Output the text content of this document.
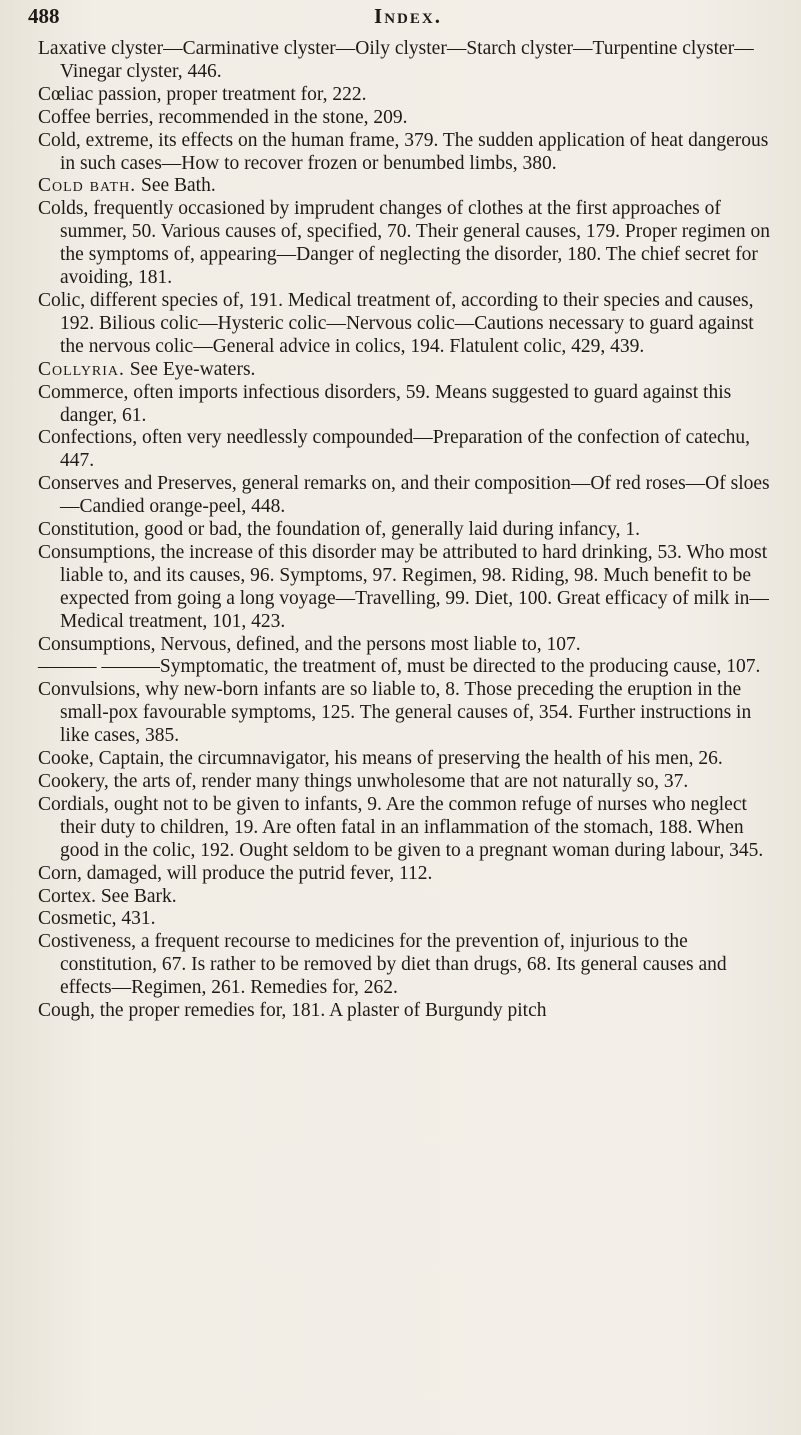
488	Index.

Laxative clyster—Carminative clyster—Oily clyster—Starch clyster—Turpentine clyster—Vinegar clyster, 446.

Cœliac passion, proper treatment for, 222.

Coffee berries, recommended in the stone, 209.

Cold, extreme, its effects on the human frame, 379. The sudden application of heat dangerous in such cases—How to recover frozen or benumbed limbs, 380.

Cold bath. See Bath.

Colds, frequently occasioned by imprudent changes of clothes at the first approaches of summer, 50. Various causes of, specified, 70. Their general causes, 179. Proper regimen on the symptoms of, appearing—Danger of neglecting the disorder, 180. The chief secret for avoiding, 181.

Colic, different species of, 191. Medical treatment of, according to their species and causes, 192. Bilious colic—Hysteric colic—Nervous colic—Cautions necessary to guard against the nervous colic—General advice in colics, 194. Flatulent colic, 429, 439.

Collyria. See Eye-waters.

Commerce, often imports infectious disorders, 59. Means suggested to guard against this danger, 61.

Confections, often very needlessly compounded—Preparation of the confection of catechu, 447.

Conserves and Preserves, general remarks on, and their composition—Of red roses—Of sloes—Candied orange-peel, 448.

Constitution, good or bad, the foundation of, generally laid during infancy, 1.

Consumptions, the increase of this disorder may be attributed to hard drinking, 53. Who most liable to, and its causes, 96. Symptoms, 97. Regimen, 98. Riding, 98. Much benefit to be expected from going a long voyage—Travelling, 99. Diet, 100. Great efficacy of milk in—Medical treatment, 101, 423.

Consumptions, Nervous, defined, and the persons most liable to, 107.

——— ———Symptomatic, the treatment of, must be directed to the producing cause, 107.

Convulsions, why new-born infants are so liable to, 8. Those preceding the eruption in the small-pox favourable symptoms, 125. The general causes of, 354. Further instructions in like cases, 385.

Cooke, Captain, the circumnavigator, his means of preserving the health of his men, 26.

Cookery, the arts of, render many things unwholesome that are not naturally so, 37.

Cordials, ought not to be given to infants, 9. Are the common refuge of nurses who neglect their duty to children, 19. Are often fatal in an inflammation of the stomach, 188. When good in the colic, 192. Ought seldom to be given to a pregnant woman during labour, 345.

Corn, damaged, will produce the putrid fever, 112.

Cortex. See Bark.

Cosmetic, 431.

Costiveness, a frequent recourse to medicines for the prevention of, injurious to the constitution, 67. Is rather to be removed by diet than drugs, 68. Its general causes and effects—Regimen, 261. Remedies for, 262.

Cough, the proper remedies for, 181. A plaster of Burgundy pitch
